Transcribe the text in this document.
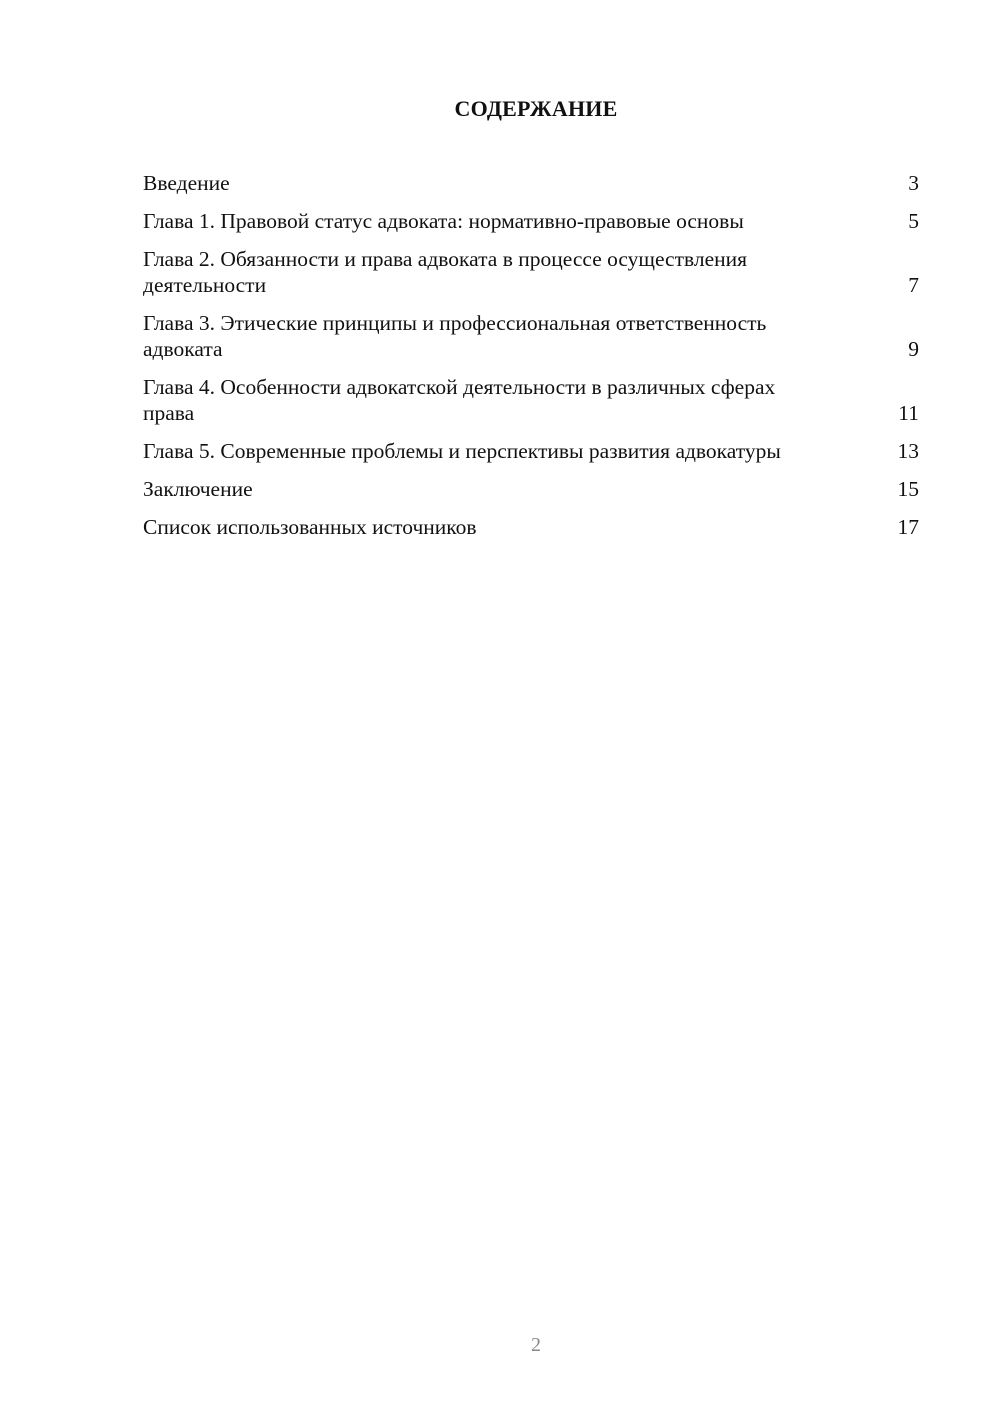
СОДЕРЖАНИЕ
Введение	3
Глава 1. Правовой статус адвоката: нормативно-правовые основы	5
Глава 2. Обязанности и права адвоката в процессе осуществления деятельности	7
Глава 3. Этические принципы и профессиональная ответственность адвоката	9
Глава 4. Особенности адвокатской деятельности в различных сферах права	11
Глава 5. Современные проблемы и перспективы развития адвокатуры	13
Заключение	15
Список использованных источников	17
2
